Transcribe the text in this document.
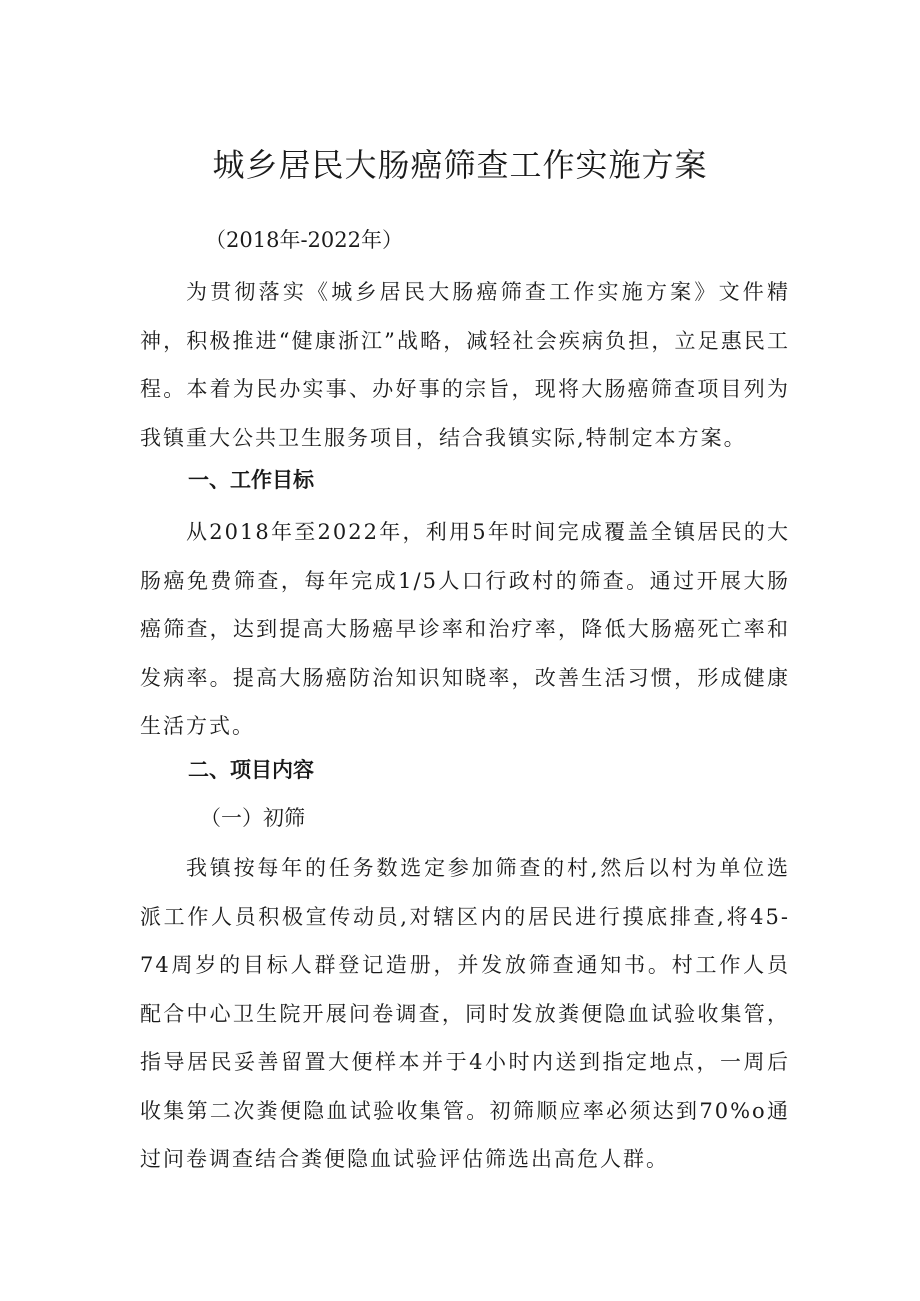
城乡居民大肠癌筛查工作实施方案

（2018年-2022年）

为贯彻落实《城乡居民大肠癌筛查工作实施方案》文件精神，积极推进“健康浙江”战略，减轻社会疾病负担，立足惠民工程。本着为民办实事、办好事的宗旨，现将大肠癌筛查项目列为我镇重大公共卫生服务项目，结合我镇实际,特制定本方案。

一、工作目标

从2018年至2022年，利用5年时间完成覆盖全镇居民的大肠癌免费筛查，每年完成1/5人口行政村的筛查。通过开展大肠癌筛查，达到提高大肠癌早诊率和治疗率，降低大肠癌死亡率和发病率。提高大肠癌防治知识知晓率，改善生活习惯，形成健康生活方式。

二、项目内容

（一）初筛

我镇按每年的任务数选定参加筛查的村,然后以村为单位选派工作人员积极宣传动员,对辖区内的居民进行摸底排查,将45-74周岁的目标人群登记造册，并发放筛查通知书。村工作人员配合中心卫生院开展问卷调查，同时发放粪便隐血试验收集管，指导居民妥善留置大便样本并于4小时内送到指定地点，一周后收集第二次粪便隐血试验收集管。初筛顺应率必须达到70%o通过问卷调查结合粪便隐血试验评估筛选出高危人群。
